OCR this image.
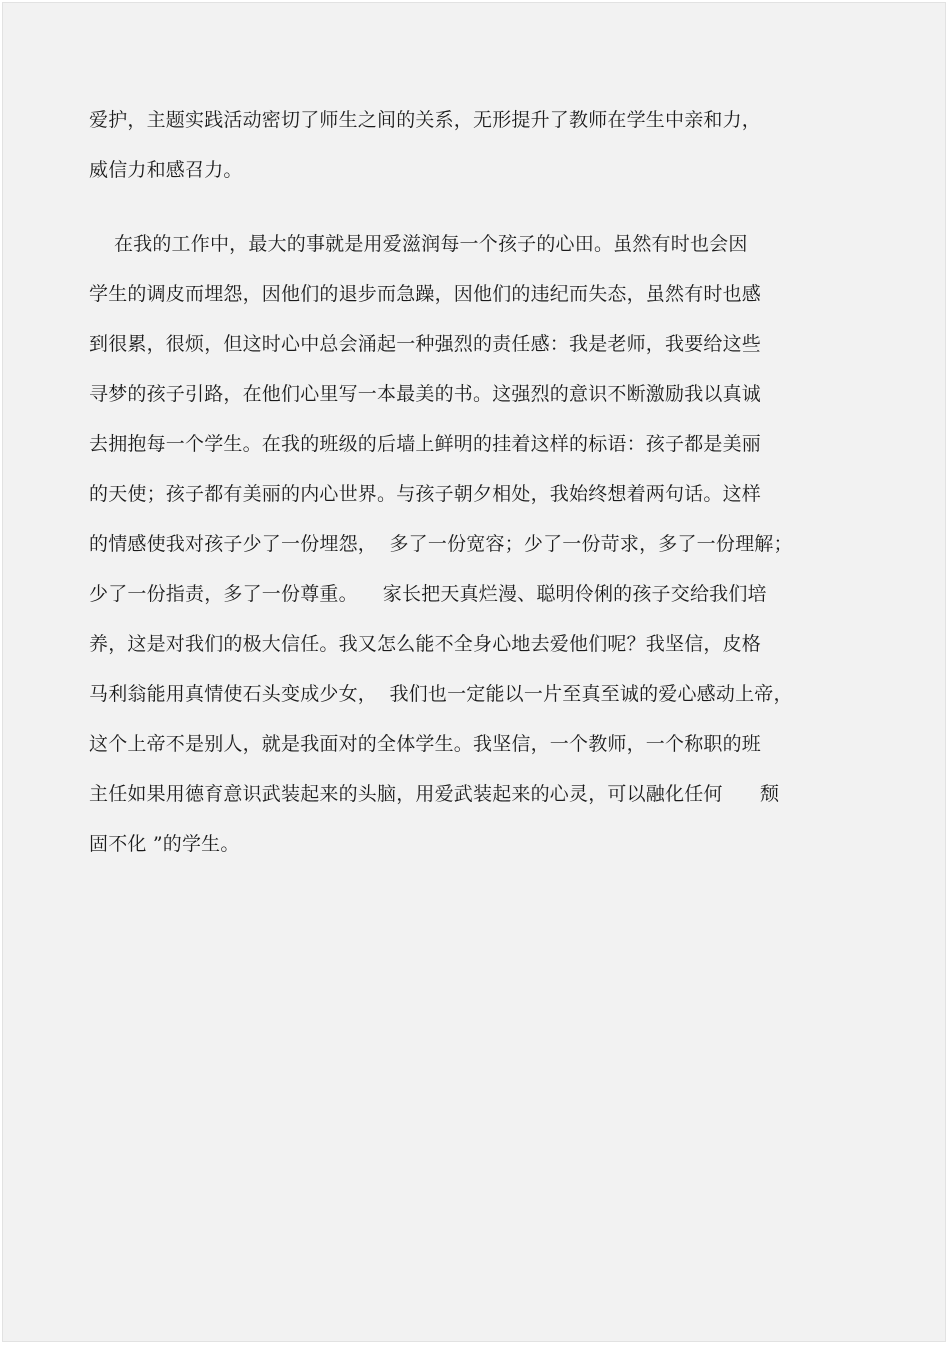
爱护，主题实践活动密切了师生之间的关系，无形提升了教师在学生中亲和力，
威信力和感召力。
在我的工作中，最大的事就是用爱滋润每一个孩子的心田。虽然有时也会因
学生的调皮而埋怨，因他们的退步而急躁，因他们的违纪而失态，虽然有时也感
到很累，很烦，但这时心中总会涌起一种强烈的责任感：我是老师，我要给这些
寻梦的孩子引路，在他们心里写一本最美的书。这强烈的意识不断激励我以真诚
去拥抱每一个学生。在我的班级的后墙上鲜明的挂着这样的标语：孩子都是美丽
的天使；孩子都有美丽的内心世界。与孩子朝夕相处，我始终想着两句话。这样
的情感使我对孩子少了一份埋怨，  多了一份宽容；少了一份苛求，多了一份理解；
少了一份指责，多了一份尊重。    家长把天真烂漫、聪明伶俐的孩子交给我们培
养，这是对我们的极大信任。我又怎么能不全身心地去爱他们呢？我坚信，皮格
马利翁能用真情使石头变成少女，  我们也一定能以一片至真至诚的爱心感动上帝，
这个上帝不是别人，就是我面对的全体学生。我坚信，一个教师，一个称职的班
主任如果用德育意识武装起来的头脑，用爱武装起来的心灵，可以融化任何      颓
固不化 ”的学生。
